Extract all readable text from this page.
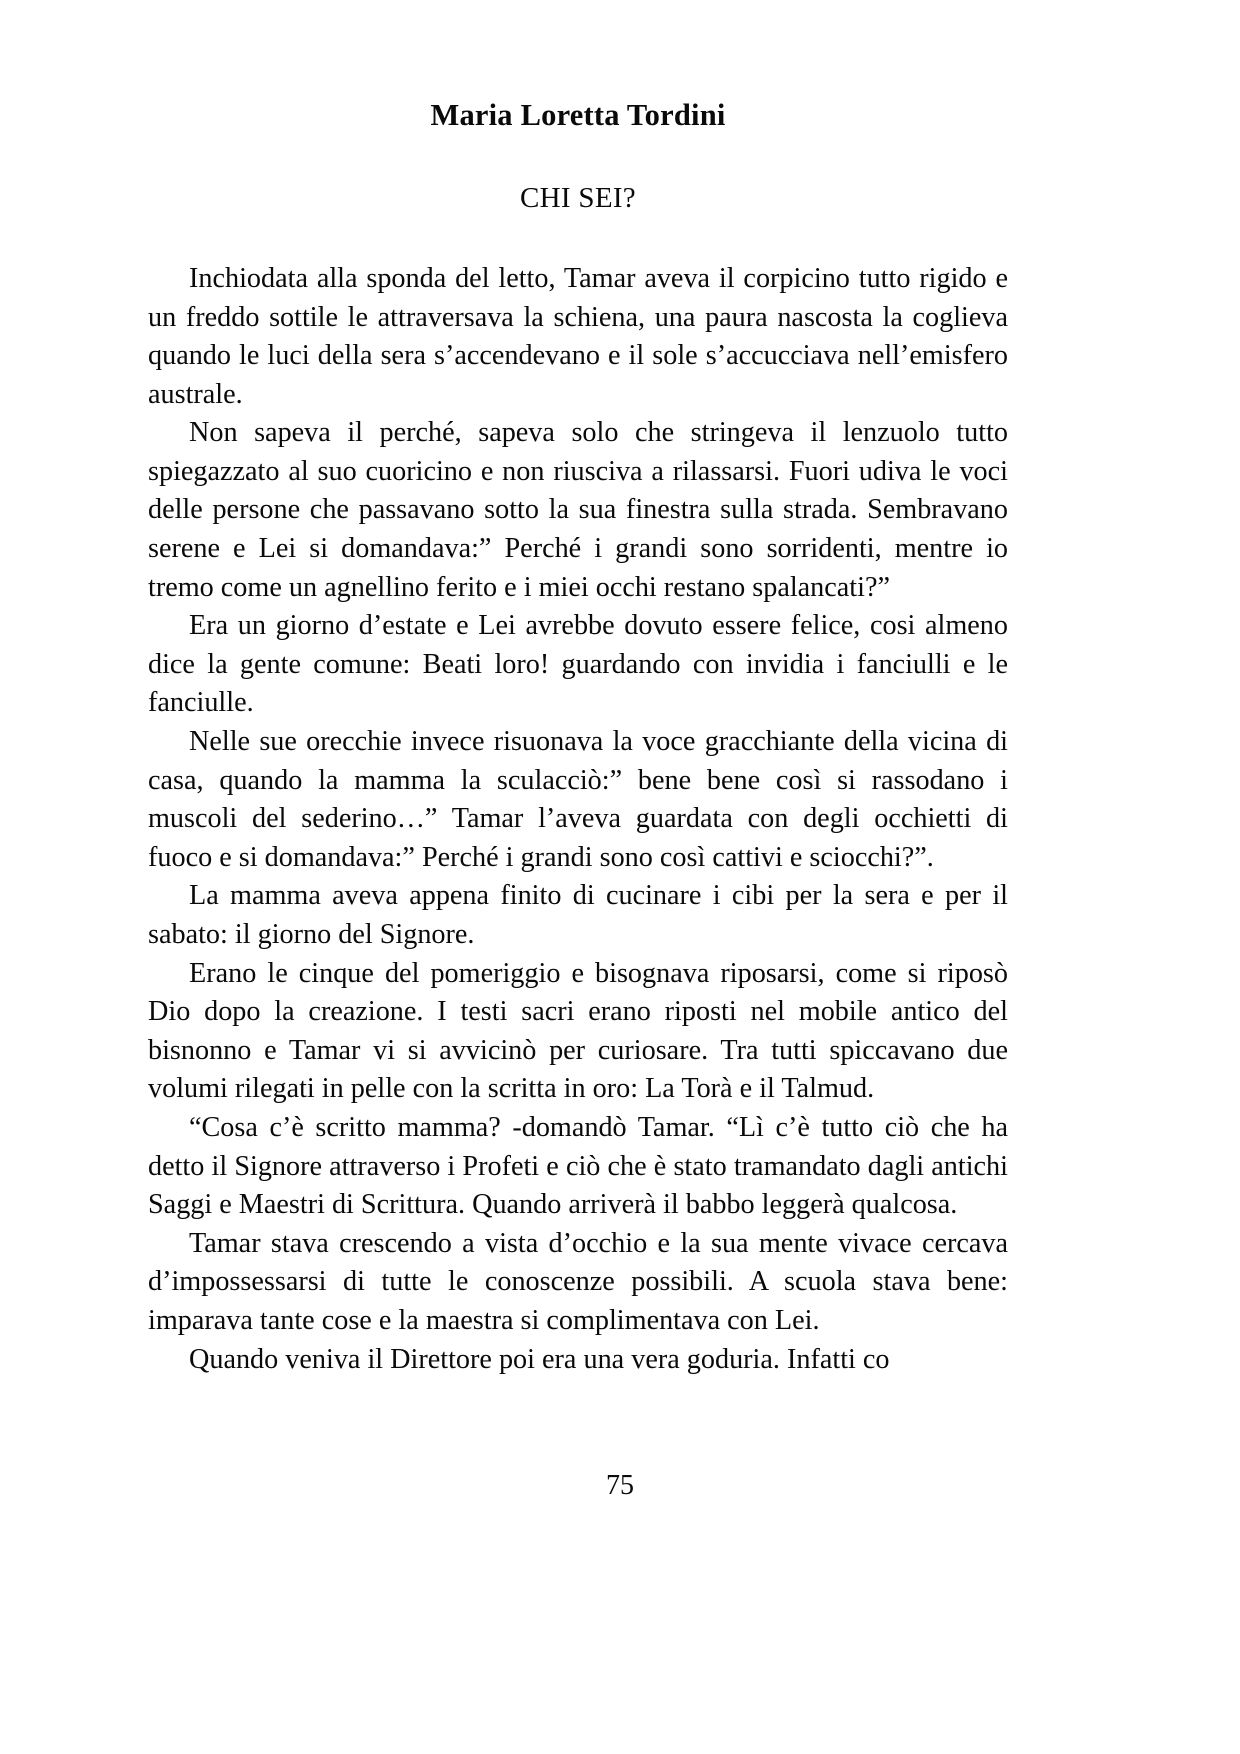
Maria Loretta Tordini
CHI SEI?

Inchiodata alla sponda del letto, Tamar aveva il corpicino tutto rigido e un freddo sottile le attraversava la schiena, una paura nascosta la coglieva quando le luci della sera s’accendevano e il sole s’accucciava nell’emisfero australe.

Non sapeva il perché, sapeva solo che stringeva il lenzuolo tutto spiegazzato al suo cuoricino e non riusciva a rilassarsi. Fuori udiva le voci delle persone che passavano sotto la sua finestra sulla strada. Sembravano serene e Lei si domandava:” Perché i grandi sono sorridenti, mentre io tremo come un agnellino ferito e i miei occhi restano spalancati?”

Era un giorno d’estate e Lei avrebbe dovuto essere felice, cosi almeno dice la gente comune: Beati loro! guardando con invidia i fanciulli e le fanciulle.

Nelle sue orecchie invece risuonava la voce gracchiante della vicina di casa, quando la mamma la sculacciò:” bene bene così si rassodano i muscoli del sederino…” Tamar l’aveva guardata con degli occhietti di fuoco e si domandava:” Perché i grandi sono così cattivi e sciocchi?”.

La mamma aveva appena finito di cucinare i cibi per la sera e per il sabato: il giorno del Signore.

Erano le cinque del pomeriggio e bisognava riposarsi, come si riposò Dio dopo la creazione. I testi sacri erano riposti nel mobile antico del bisnonno e Tamar vi si avvicinò per curiosare. Tra tutti spiccavano due volumi rilegati in pelle con la scritta in oro: La Torà e il Talmud.

“Cosa c’è scritto mamma? -domandò Tamar. “Lì c’è tutto ciò che ha detto il Signore attraverso i Profeti e ciò che è stato tramandato dagli antichi Saggi e Maestri di Scrittura. Quando arriverà il babbo leggerà qualcosa.

Tamar stava crescendo a vista d’occhio e la sua mente vivace cercava d’impossessarsi di tutte le conoscenze possibili. A scuola stava bene: imparava tante cose e la maestra si complimentava con Lei.

Quando veniva il Direttore poi era una vera goduria. Infatti co

75
